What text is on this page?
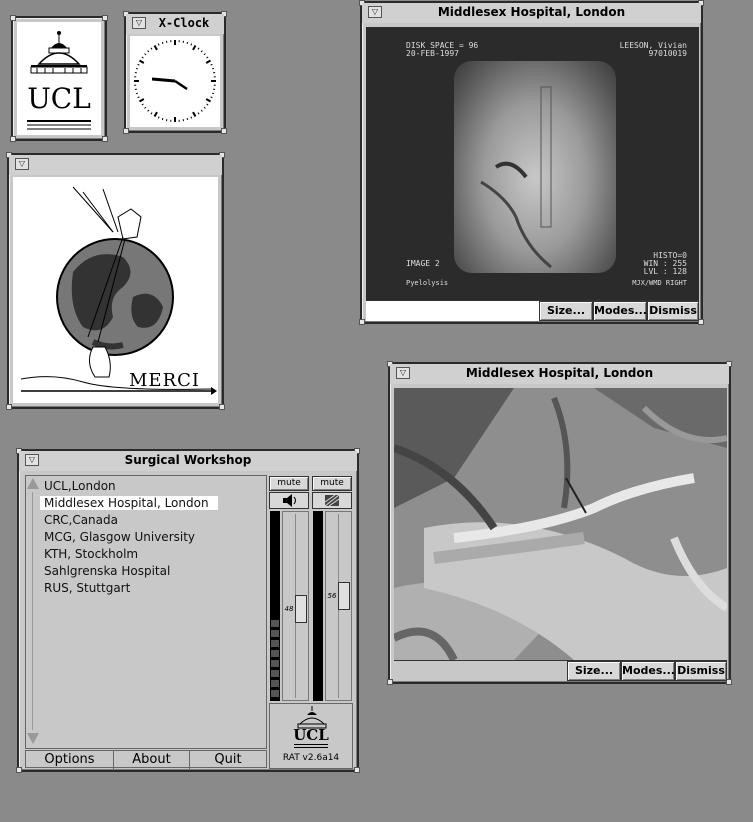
UCL
▽	X-Clock
▽
MERCI
▽	Middlesex Hospital, London
DISK SPACE = 96
20-FEB-1997
LEESON, Vivian
97010019
IMAGE 2
Pyelolysis
HISTO=0
WIN : 255
LVL : 128
MJX/WMD RIGHT
Size... Modes... Dismiss
▽	Middlesex Hospital, London
Size... Modes... Dismiss
▽	Surgical Workshop
UCL,London
Middlesex Hospital, London
CRC,Canada
MCG, Glasgow University
KTH, Stockholm
Sahlgrenska Hospital
RUS, Stuttgart
Options	About	Quit
mute	mute
48
56
UCL
RAT v2.6a14
